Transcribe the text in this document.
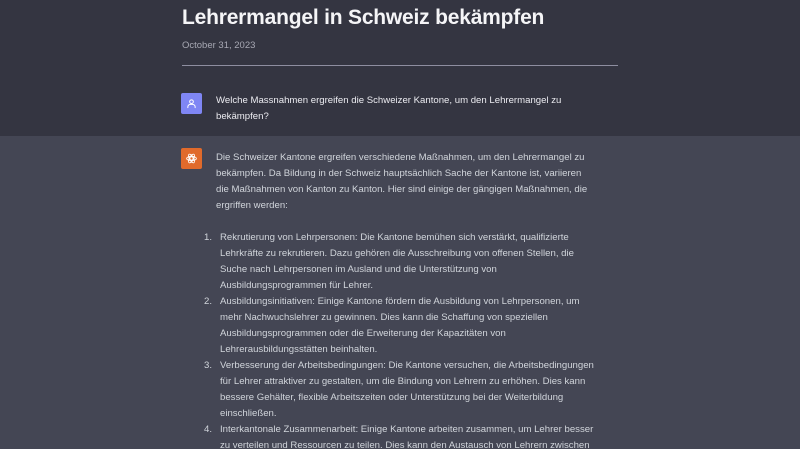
Welche Massnahmen ergreifen die Schweizer Kantone, um den Lehrermangel zu bekämpfen?

Die Schweizer Kantone ergreifen verschiedene Maßnahmen, um den Lehrermangel zu bekämpfen. Da Bildung in der Schweiz hauptsächlich Sache der Kantone ist, variieren die Maßnahmen von Kanton zu Kanton. Hier sind einige der gängigen Maßnahmen, die ergriffen werden:

1. Rekrutierung von Lehrpersonen: Die Kantone bemühen sich verstärkt, qualifizierte Lehrkräfte zu rekrutieren. Dazu gehören die Ausschreibung von offenen Stellen, die Suche nach Lehrpersonen im Ausland und die Unterstützung von Ausbildungsprogrammen für Lehrer.
2. Ausbildungsinitiativen: Einige Kantone fördern die Ausbildung von Lehrpersonen, um mehr Nachwuchslehrer zu gewinnen. Dies kann die Schaffung von speziellen Ausbildungsprogrammen oder die Erweiterung der Kapazitäten von Lehrerausbildungsstätten beinhalten.
3. Verbesserung der Arbeitsbedingungen: Die Kantone versuchen, die Arbeitsbedingungen für Lehrer attraktiver zu gestalten, um die Bindung von Lehrern zu erhöhen. Dies kann bessere Gehälter, flexible Arbeitszeiten oder Unterstützung bei der Weiterbildung einschließen.
4. Interkantonale Zusammenarbeit: Einige Kantone arbeiten zusammen, um Lehrer besser zu verteilen und Ressourcen zu teilen. Dies kann den Austausch von Lehrern zwischen
Lehrermangel in Schweiz bekämpfen
October 31, 2023
